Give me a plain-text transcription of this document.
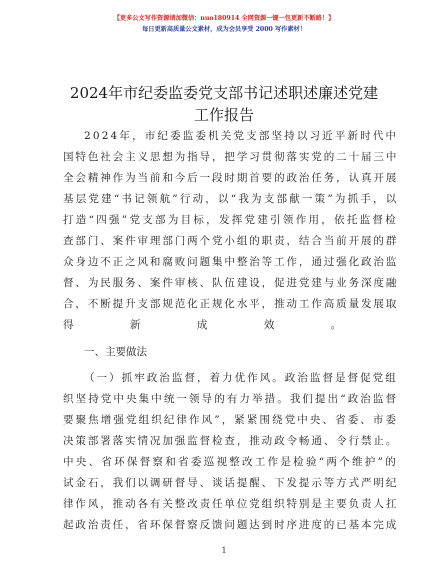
【更多公文写作资源请加微信：nuo180914 全网资源一键一包更新不断路！】
每日更新高质量公文素材，成为会员享受 2000 写作素材！
2024年市纪委监委党支部书记述职述廉述党建
工作报告
2024年，市纪委监委机关党支部坚持以习近平新时代中
国特色社会主义思想为指导，把学习贯彻落实党的二十届三中
全会精神作为当前和今后一段时期首要的政治任务，认真开展
基层党建“书记领航”行动，以“我为支部献一策”为抓手，以
打造“四强”党支部为目标，发挥党建引领作用，依托监督检
查部门、案件审理部门两个党小组的职责，结合当前开展的群
众身边不正之风和腐败问题集中整治等工作，通过强化政治监
督、为民服务、案件审核、队伍建设，促进党建与业务深度融
合，不断提升支部规范化正规化水平，推动工作高质量发展取
得新成效。
一、主要做法
（一）抓牢政治监督，着力优作风。政治监督是督促党组
织坚持党中央集中统一领导的有力举措。我们提出“政治监督
要聚焦增强党组织纪律作风”，紧紧围绕党中央、省委、市委
决策部署落实情况加强监督检查，推动政令畅通、令行禁止。
中央、省环保督察和省委巡视整改工作是检验“两个维护”的
试金石，我们以调研督导、谈话提醒、下发提示等方式严明纪
律作风，推动各有关整改责任单位党组织特别是主要负责人扛
起政治责任，省环保督察反馈问题达到时序进度的已基本完成
1
